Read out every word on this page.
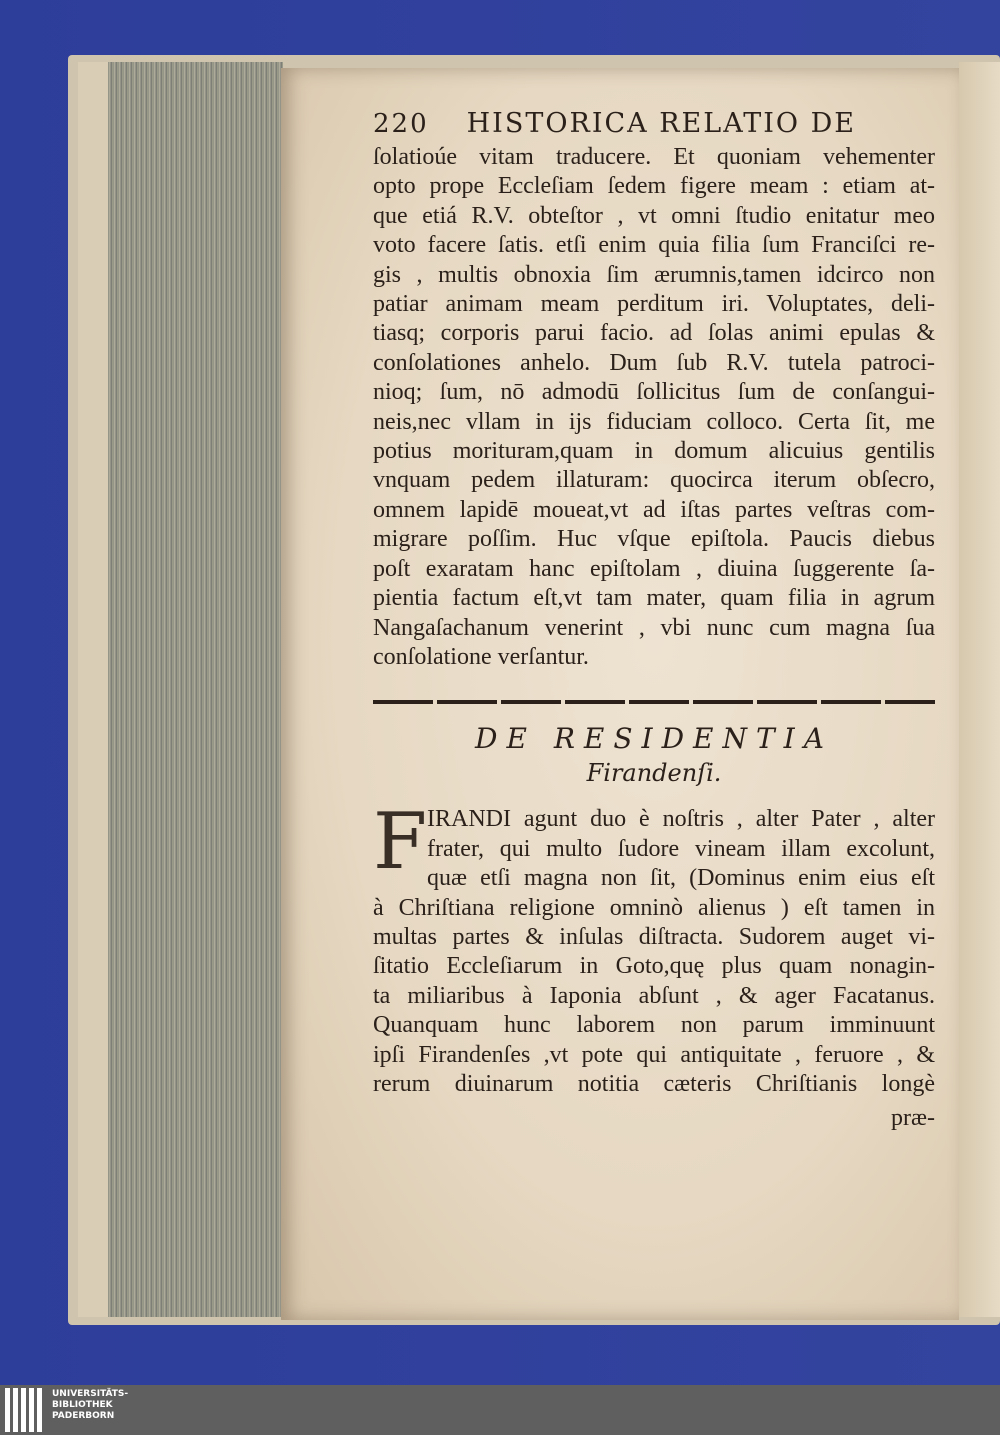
220 HISTORICA RELATIO DE
ſolatioúe vitam traducere. Et quoniam vehementer
opto prope Eccleſiam ſedem figere meam : etiam at-
que etiá R.V. obteſtor , vt omni ſtudio enitatur meo
voto facere ſatis. etſi enim quia filia ſum Franciſci re-
gis , multis obnoxia ſim ærumnis,tamen idcirco non
patiar animam meam perditum iri. Voluptates, deli-
tiasq; corporis parui facio. ad ſolas animi epulas &
conſolationes anhelo. Dum ſub R.V. tutela patroci-
nioq; ſum, nō admodū ſollicitus ſum de conſangui-
neis,nec vllam in ijs fiduciam colloco. Certa ſit, me
potius morituram,quam in domum alicuius gentilis
vnquam pedem illaturam: quocirca iterum obſecro,
omnem lapidē moueat,vt ad iſtas partes veſtras com-
migrare poſſim. Huc vſque epiſtola. Paucis diebus
poſt exaratam hanc epiſtolam , diuina ſuggerente ſa-
pientia factum eſt,vt tam mater, quam filia in agrum
Nangaſachanum venerint , vbi nunc cum magna ſua
conſolatione verſantur.
DE RESIDENTIA
Firandenſi.
F IRANDI agunt duo è noſtris , alter Pater , alter
frater, qui multo ſudore vineam illam excolunt,
quæ etſi magna non ſit, (Dominus enim eius eſt
à Chriſtiana religione omninò alienus ) eſt tamen in
multas partes & inſulas diſtracta. Sudorem auget vi-
ſitatio Eccleſiarum in Goto,quę plus quam nonagin-
ta miliaribus à Iaponia abſunt , & ager Facatanus.
Quanquam hunc laborem non parum imminuunt
ipſi Firandenſes ,vt pote qui antiquitate , feruore , &
rerum diuinarum notitia cæteris Chriſtianis longè
præ-
UNIVERSITÄTS-
BIBLIOTHEK
PADERBORN
